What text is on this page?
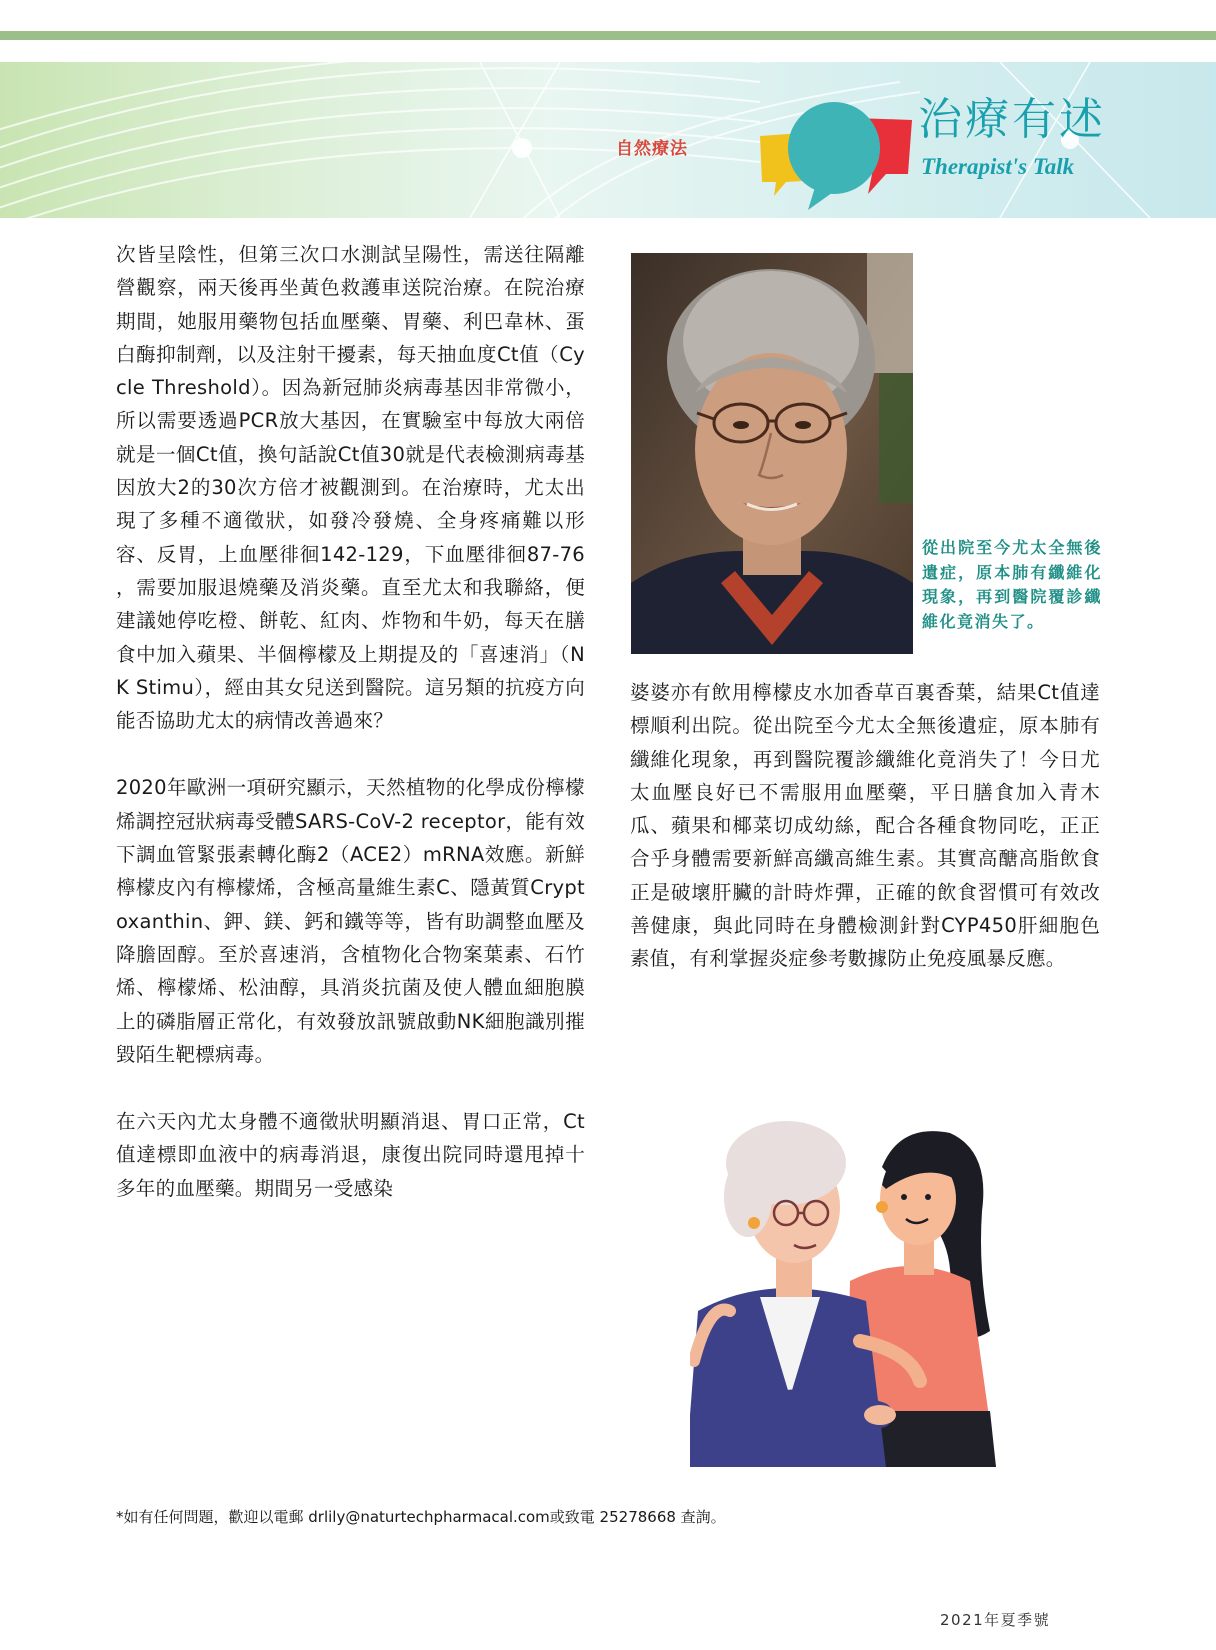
自然療法
治療有述
Therapist's Talk

次皆呈陰性，但第三次口水測試呈陽性，需送往隔離營觀察，兩天後再坐黃色救護車送院治療。在院治療期間，她服用藥物包括血壓藥、胃藥、利巴韋林、蛋白酶抑制劑，以及注射干擾素，每天抽血度Ct值（Cycle Threshold）。因為新冠肺炎病毒基因非常微小，所以需要透過PCR放大基因，在實驗室中每放大兩倍就是一個Ct值，換句話說Ct值30就是代表檢測病毒基因放大2的30次方倍才被觀測到。在治療時，尤太出現了多種不適徵狀，如發冷發燒、全身疼痛難以形容、反胃，上血壓徘徊142-129，下血壓徘徊87-76 ，需要加服退燒藥及消炎藥。直至尤太和我聯絡，便建議她停吃橙、餅乾、紅肉、炸物和牛奶，每天在膳食中加入蘋果、半個檸檬及上期提及的「喜速消」（NK Stimu），經由其女兒送到醫院。這另類的抗疫方向能否協助尤太的病情改善過來？

2020年歐洲一項研究顯示，天然植物的化學成份檸檬烯調控冠狀病毒受體SARS-CoV-2 receptor，能有效下調血管緊張素轉化酶2（ACE2）mRNA效應。新鮮檸檬皮內有檸檬烯，含極高量維生素C、隱黃質Cryptoxanthin、鉀、鎂、鈣和鐵等等，皆有助調整血壓及降膽固醇。至於喜速消，含植物化合物案葉素、石竹烯、檸檬烯、松油醇，具消炎抗菌及使人體血細胞膜上的磷脂層正常化，有效發放訊號啟動NK細胞識別摧毀陌生靶標病毒。

在六天內尤太身體不適徵狀明顯消退、胃口正常，Ct值達標即血液中的病毒消退，康復出院同時還甩掉十多年的血壓藥。期間另一受感染

從出院至今尤太全無後遺症，原本肺有纖維化現象，再到醫院覆診纖維化竟消失了。

婆婆亦有飲用檸檬皮水加香草百裏香葉，結果Ct值達標順利出院。從出院至今尤太全無後遺症，原本肺有纖維化現象，再到醫院覆診纖維化竟消失了！今日尤太血壓良好已不需服用血壓藥，平日膳食加入青木瓜、蘋果和椰菜切成幼絲，配合各種食物同吃，正正合乎身體需要新鮮高纖高維生素。其實高醣高脂飲食正是破壞肝臟的計時炸彈，正確的飲食習慣可有效改善健康，與此同時在身體檢測針對CYP450肝細胞色素值，有利掌握炎症參考數據防止免疫風暴反應。

*如有任何問題，歡迎以電郵 drlily@naturtechpharmacal.com或致電 25278668 查詢。
2021年夏季號
